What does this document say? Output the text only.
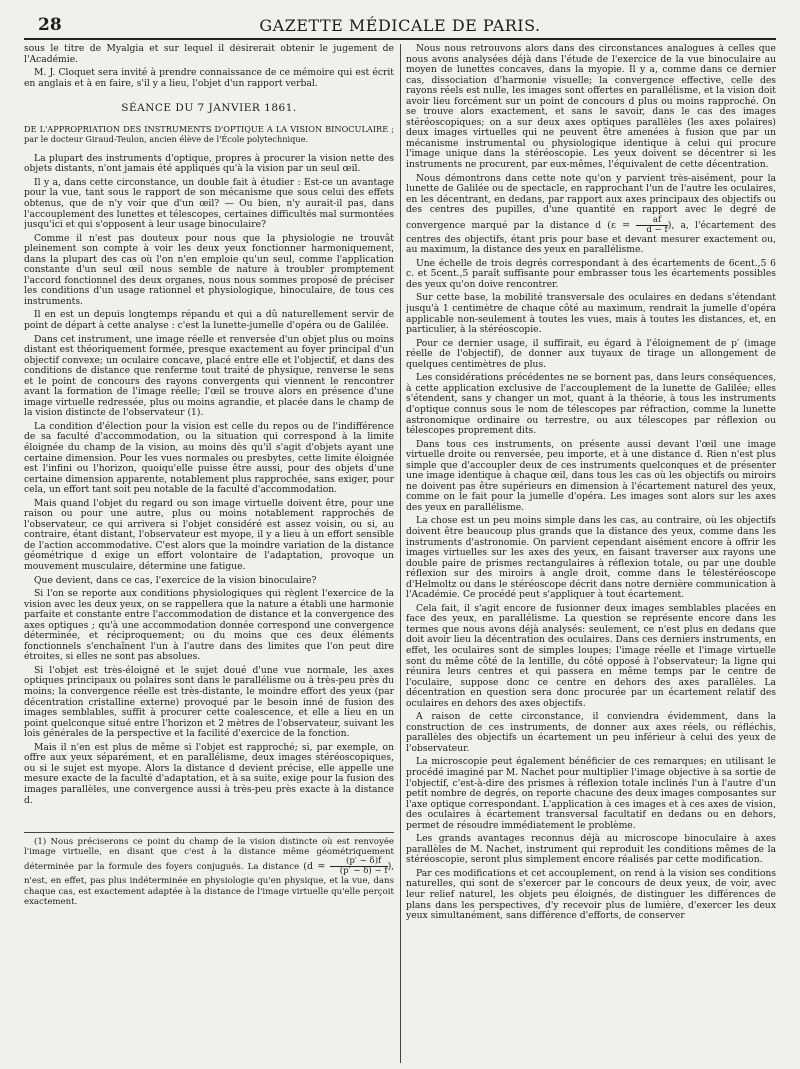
28	GAZETTE MÉDICALE DE PARIS.

sous le titre de Myalgia et sur lequel il désirerait obtenir le jugement de l'Académie.

M. J. Cloquet sera invité à prendre connaissance de ce mémoire qui est écrit en anglais et à en faire, s'il y a lieu, l'objet d'un rapport verbal.

SÉANCE DU 7 JANVIER 1861.
DE L'APPROPRIATION DES INSTRUMENTS D'OPTIQUE A LA VISION BINOCULAIRE ; par le docteur Giraud-Teulon, ancien élève de l'École polytechnique.

La plupart des instruments d'optique, propres à procurer la vision nette des objets distants, n'ont jamais été appliqués qu'à la vision par un seul œil.

Il y a, dans cette circonstance, un double fait à étudier : Est-ce un avantage pour la vue, tant sous le rapport de son mécanisme que sous celui des effets obtenus, que de n'y voir que d'un œil? — Ou bien, n'y aurait-il pas, dans l'accouplement des lunettes et télescopes, certaines difficultés mal surmontées jusqu'ici et qui s'opposent à leur usage binoculaire?

Comme il n'est pas douteux pour nous que la physiologie ne trouvât pleinement son compte à voir les deux yeux fonctionner harmoniquement, dans la plupart des cas où l'on n'en emploie qu'un seul, comme l'application constante d'un seul œil nous semble de nature à troubler promptement l'accord fonctionnel des deux organes, nous nous sommes proposé de préciser les conditions d'un usage rationnel et physiologique, binoculaire, de tous ces instruments.

Il en est un depuis longtemps répandu et qui a dû naturellement servir de point de départ à cette analyse : c'est la lunette-jumelle d'opéra ou de Galilée.

Dans cet instrument, une image réelle et renversée d'un objet plus ou moins distant est théoriquement formée, presque exactement au foyer principal d'un objectif convexe; un oculaire concave, placé entre elle et l'objectif, et dans des conditions de distance que renferme tout traité de physique, renverse le sens et le point de concours des rayons convergents qui viennent le rencontrer avant la formation de l'image réelle; l'œil se trouve alors en présence d'une image virtuelle redressée, plus ou moins agrandie, et placée dans le champ de la vision distincte de l'observateur (1).

La condition d'élection pour la vision est celle du repos ou de l'indifférence de sa faculté d'accommodation, ou la situation qui correspond à la limite éloignée du champ de la vision, au moins dès qu'il s'agit d'objets ayant une certaine dimension. Pour les vues normales ou presbytes, cette limite éloignée est l'infini ou l'horizon, quoiqu'elle puisse être aussi, pour des objets d'une certaine dimension apparente, notablement plus rapprochée, sans exiger, pour cela, un effort tant soit peu notable de la faculté d'accommodation.

Mais quand l'objet du regard ou son image virtuelle doivent être, pour une raison ou pour une autre, plus ou moins notablement rapprochés de l'observateur, ce qui arrivera si l'objet considéré est assez voisin, ou si, au contraire, étant distant, l'observateur est myope, il y a lieu à un effort sensible de l'action accommodative. C'est alors que la moindre variation de la distance géométrique d exige un effort volontaire de l'adaptation, provoque un mouvement musculaire, détermine une fatigue.

Que devient, dans ce cas, l'exercice de la vision binoculaire?

Si l'on se reporte aux conditions physiologiques qui règlent l'exercice de la vision avec les deux yeux, on se rappellera que la nature a établi une harmonie parfaite et constante entre l'accommodation de distance et la convergence des axes optiques ; qu'à une accommodation donnée correspond une convergence déterminée, et réciproquement; ou du moins que ces deux éléments fonctionnels s'enchaînent l'un à l'autre dans des limites que l'on peut dire étroites, si elles ne sont pas absolues.

Si l'objet est très-éloigné et le sujet doué d'une vue normale, les axes optiques principaux ou polaires sont dans le parallélisme ou à très-peu près du moins; la convergence réelle est très-distante, le moindre effort des yeux (par décentration cristalline externe) provoqué par le besoin inné de fusion des images semblables, suffit à procurer cette coalescence, et elle a lieu en un point quelconque situé entre l'horizon et 2 mètres de l'observateur, suivant les lois générales de la perspective et la facilité d'exercice de la fonction.

Mais il n'en est plus de même si l'objet est rapproché; si, par exemple, on offre aux yeux séparément, et en parallélisme, deux images stéréoscopiques, ou si le sujet est myope. Alors la distance d devient précise, elle appelle une mesure exacte de la faculté d'adaptation, et à sa suite, exige pour la fusion des images parallèles, une convergence aussi à très-peu près exacte à la distance d.

(1) Nous préciserons ce point du champ de la vision distincte où est renvoyée l'image virtuelle, en disant que c'est à la distance même géométriquement déterminée par la formule des foyers conjugués. La distance ($d = \frac{(p' - \delta)f}{(p' - \delta) - f}$ ), n'est, en effet, pas plus indéterminée en physiologie qu'en physique, et la vue, dans chaque cas, est exactement adaptée à la distance de l'image virtuelle qu'elle perçoit exactement.

Nous nous retrouvons alors dans des circonstances analogues à celles que nous avons analysées déjà dans l'étude de l'exercice de la vue binoculaire au moyen de lunettes concaves, dans la myopie. Il y a, comme dans ce dernier cas, dissociation d'harmonie visuelle; la convergence effective, celle des rayons réels est nulle, les images sont offertes en parallélisme, et la vision doit avoir lieu forcément sur un point de concours d plus ou moins rapproché. On se trouve alors exactement, et sans le savoir, dans le cas des images stéréoscopiques; on a sur deux axes optiques parallèles (les axes polaires) deux images virtuelles qui ne peuvent être amenées à fusion que par un mécanisme instrumental ou physiologique identique à celui qui procure l'image unique dans la stéréoscopie. Les yeux doivent se décentrer si les instruments ne procurent, par eux-mêmes, l'équivalent de cette décentration.

Nous démontrons dans cette note qu'on y parvient très-aisément, pour la lunette de Galilée ou de spectacle, en rapprochant l'un de l'autre les oculaires, en les décentrant, en dedans, par rapport aux axes principaux des objectifs ou des centres des pupilles, d'une quantité en rapport avec le degré de convergence marqué par la distance d ($\varepsilon = \frac{af}{d - f}$ ), a, l'écartement des centres des objectifs, étant pris pour base et devant mesurer exactement ou, au maximum, la distance des yeux en parallélisme.

Une échelle de trois degrés correspondant à des écartements de 6cent.,5 6 c. et 5cent.,5 paraît suffisante pour embrasser tous les écartements possibles des yeux qu'on doive rencontrer.

Sur cette base, la mobilité transversale des oculaires en dedans s'étendant jusqu'à 1 centimètre de chaque côté au maximum, rendrait la jumelle d'opéra applicable non-seulement à toutes les vues, mais à toutes les distances, et, en particulier, à la stéréoscopie.

Pour ce dernier usage, il suffirait, eu égard à l'éloignement de p′ (image réelle de l'objectif), de donner aux tuyaux de tirage un allongement de quelques centimètres de plus.

Les considérations précédentes ne se bornent pas, dans leurs conséquences, à cette application exclusive de l'accouplement de la lunette de Galilée; elles s'étendent, sans y changer un mot, quant à la théorie, à tous les instruments d'optique connus sous le nom de télescopes par réfraction, comme la lunette astronomique ordinaire ou terrestre, ou aux télescopes par réflexion ou télescopes proprement dits.

Dans tous ces instruments, on présente aussi devant l'œil une image virtuelle droite ou renversée, peu importe, et à une distance d. Rien n'est plus simple que d'accoupler deux de ces instruments quelconques et de présenter une image identique à chaque œil, dans tous les cas où les objectifs ou miroirs ne doivent pas être supérieurs en dimension à l'écartement naturel des yeux, comme on le fait pour la jumelle d'opéra. Les images sont alors sur les axes des yeux en parallélisme.

La chose est un peu moins simple dans les cas, au contraire, où les objectifs doivent être beaucoup plus grands que la distance des yeux, comme dans les instruments d'astronomie. On parvient cependant aisément encore à offrir les images virtuelles sur les axes des yeux, en faisant traverser aux rayons une double paire de prismes rectangulaires à réflexion totale, ou par une double réflexion sur des miroirs à angle droit, comme dans le télestéréoscope d'Helmoltz ou dans le stéréoscope décrit dans notre dernière communication à l'Académie. Ce procédé peut s'appliquer à tout écartement.

Cela fait, il s'agit encore de fusionner deux images semblables placées en face des yeux, en parallélisme. La question se représente encore dans les termes que nous avons déjà analysés: seulement, ce n'est plus en dedans que doit avoir lieu la décentration des oculaires. Dans ces derniers instruments, en effet, les oculaires sont de simples loupes; l'image réelle et l'image virtuelle sont du même côté de la lentille, du côté opposé à l'observateur; la ligne qui réunira leurs centres et qui passera en même temps par le centre de l'oculaire, suppose donc ce centre en dehors des axes parallèles. La décentration en question sera donc procurée par un écartement relatif des oculaires en dehors des axes objectifs.

A raison de cette circonstance, il conviendra évidemment, dans la construction de ces instruments, de donner aux axes réels, ou réfléchis, parallèles des objectifs un écartement un peu inférieur à celui des yeux de l'observateur.

La microscopie peut également bénéficier de ces remarques; en utilisant le procédé imaginé par M. Nachet pour multiplier l'image objective à sa sortie de l'objectif, c'est-à-dire des prismes à réflexion totale inclinés l'un à l'autre d'un petit nombre de degrés, on reporte chacune des deux images composantes sur l'axe optique correspondant. L'application à ces images et à ces axes de vision, des oculaires à écartement transversal facultatif en dedans ou en dehors, permet de résoudre immédiatement le problème.

Les grands avantages reconnus déjà au microscope binoculaire à axes parallèles de M. Nachet, instrument qui reproduit les conditions mêmes de la stéréoscopie, seront plus simplement encore réalisés par cette modification.

Par ces modifications et cet accouplement, on rend à la vision ses conditions naturelles, qui sont de s'exercer par le concours de deux yeux, de voir, avec leur relief naturel, les objets peu éloignés, de distinguer les différences de plans dans les perspectives, d'y recevoir plus de lumière, d'exercer les deux yeux simultanément, sans différence d'efforts, de conserver
